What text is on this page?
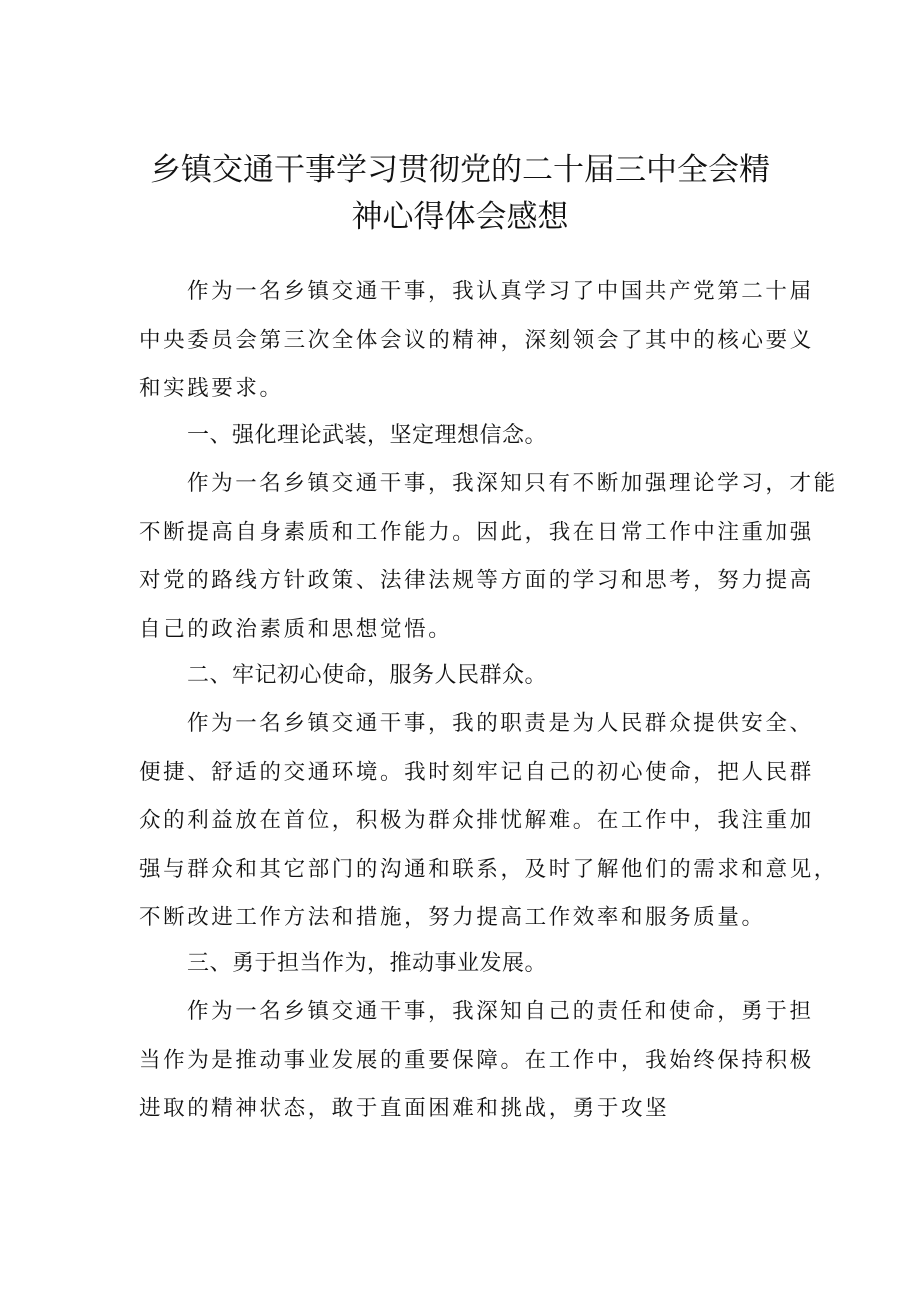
乡镇交通干事学习贯彻党的二十届三中全会精
神心得体会感想

作为一名乡镇交通干事，我认真学习了中国共产党第二十届
中央委员会第三次全体会议的精神，深刻领会了其中的核心要义
和实践要求。

一、强化理论武装，坚定理想信念。

作为一名乡镇交通干事，我深知只有不断加强理论学习，才能
不断提高自身素质和工作能力。因此，我在日常工作中注重加强
对党的路线方针政策、法律法规等方面的学习和思考，努力提高
自己的政治素质和思想觉悟。

二、牢记初心使命，服务人民群众。

作为一名乡镇交通干事，我的职责是为人民群众提供安全、
便捷、舒适的交通环境。我时刻牢记自己的初心使命，把人民群
众的利益放在首位，积极为群众排忧解难。在工作中，我注重加
强与群众和其它部门的沟通和联系，及时了解他们的需求和意见，
不断改进工作方法和措施，努力提高工作效率和服务质量。

三、勇于担当作为，推动事业发展。

作为一名乡镇交通干事，我深知自己的责任和使命，勇于担
当作为是推动事业发展的重要保障。在工作中，我始终保持积极
进取的精神状态，敢于直面困难和挑战，勇于攻坚
